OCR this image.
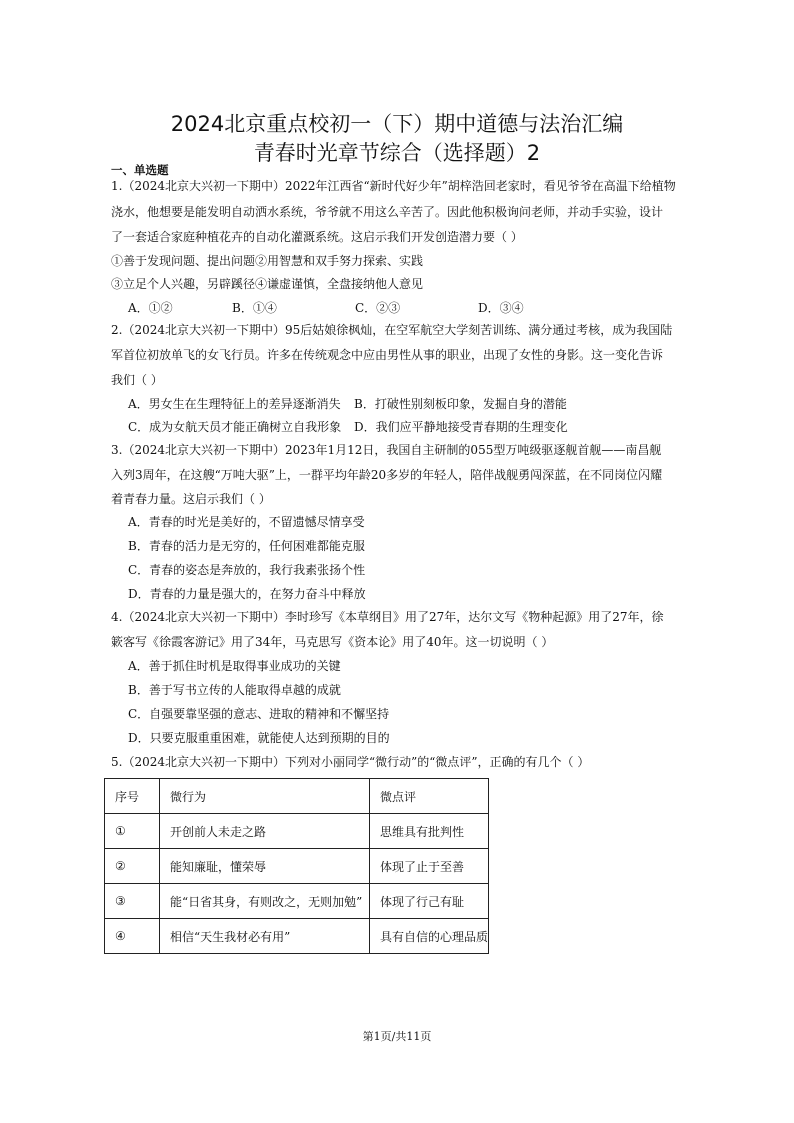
2024北京重点校初一（下）期中道德与法治汇编
青春时光章节综合（选择题）2
一、单选题
1.（2024北京大兴初一下期中）2022年江西省“新时代好少年”胡梓浩回老家时，看见爷爷在高温下给植物
浇水，他想要是能发明自动洒水系统，爷爷就不用这么辛苦了。因此他积极询问老师，并动手实验，设计
了一套适合家庭种植花卉的自动化灌溉系统。这启示我们开发创造潜力要（ ）
①善于发现问题、提出问题②用智慧和双手努力探索、实践
③立足个人兴趣，另辟蹊径④谦虚谨慎，全盘接纳他人意见
A．①②	B．①④	C．②③	D．③④
2.（2024北京大兴初一下期中）95后姑娘徐枫灿，在空军航空大学刻苦训练、满分通过考核，成为我国陆
军首位初放单飞的女飞行员。许多在传统观念中应由男性从事的职业，出现了女性的身影。这一变化告诉
我们（ ）
A．男女生在生理特征上的差异逐渐消失 B．打破性别刻板印象，发掘自身的潜能
C．成为女航天员才能正确树立自我形象 D．我们应平静地接受青春期的生理变化
3.（2024北京大兴初一下期中）2023年1月12日，我国自主研制的055型万吨级驱逐舰首舰——南昌舰
入列3周年，在这艘“万吨大驱”上，一群平均年龄20多岁的年轻人，陪伴战舰勇闯深蓝，在不同岗位闪耀
着青春力量。这启示我们（ ）
A．青春的时光是美好的，不留遗憾尽情享受
B．青春的活力是无穷的，任何困难都能克服
C．青春的姿态是奔放的，我行我素张扬个性
D．青春的力量是强大的，在努力奋斗中释放
4.（2024北京大兴初一下期中）李时珍写《本草纲目》用了27年，达尔文写《物种起源》用了27年，徐
簌客写《徐霞客游记》用了34年，马克思写《资本论》用了40年。这一切说明（ ）
A．善于抓住时机是取得事业成功的关键
B．善于写书立传的人能取得卓越的成就
C．自强要靠坚强的意志、进取的精神和不懈坚持
D．只要克服重重困难，就能使人达到预期的目的
5.（2024北京大兴初一下期中）下列对小丽同学“微行动”的“微点评”，正确的有几个（ ）
序号	微行为	微点评
①	开创前人未走之路	思维具有批判性
②	能知廉耻，懂荣辱	体现了止于至善
③	能“日省其身，有则改之，无则加勉”	体现了行己有耻
④	相信“天生我材必有用”	具有自信的心理品质
第1页/共11页
